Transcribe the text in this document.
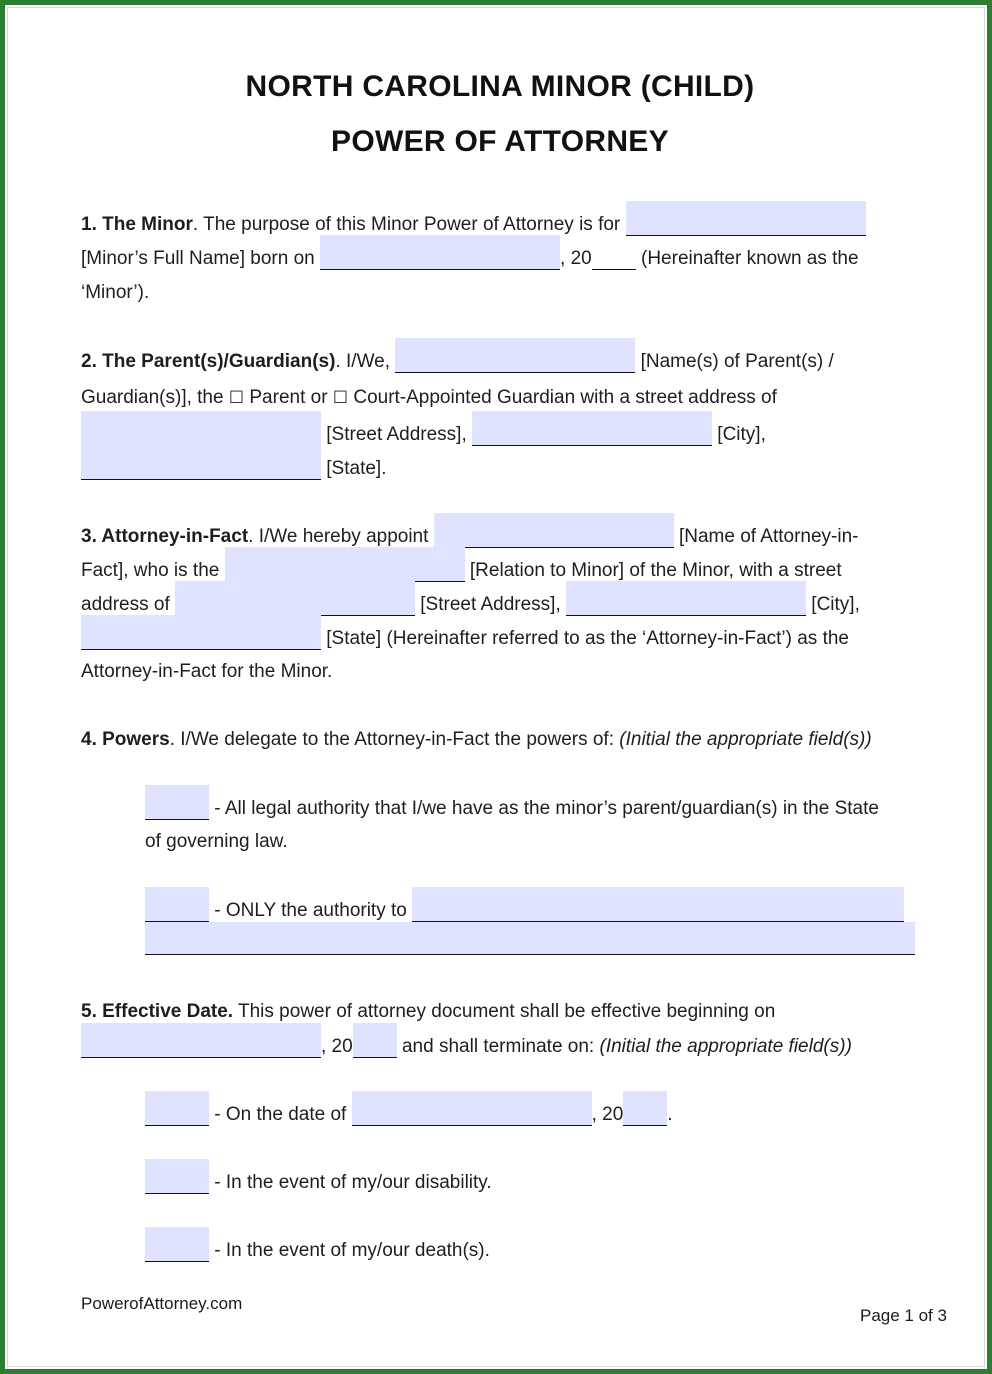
NORTH CAROLINA MINOR (CHILD)
POWER OF ATTORNEY
1. The Minor. The purpose of this Minor Power of Attorney is for
[Minor’s Full Name] born on	, 20 (Hereinafter known as the
‘Minor’).
2. The Parent(s)/Guardian(s). I/We,	[Name(s) of Parent(s) /
Guardian(s)], the ☐ Parent or ☐ Court-Appointed Guardian with a street address of
[Street Address],	[City],
[State].
3. Attorney-in-Fact. I/We hereby appoint	[Name of Attorney-in-
Fact], who is the	[Relation to Minor] of the Minor, with a street
address of	[Street Address],	[City],
[State] (Hereinafter referred to as the ‘Attorney-in-Fact’) as the
Attorney-in-Fact for the Minor.
4. Powers. I/We delegate to the Attorney-in-Fact the powers of: (Initial the appropriate field(s))
- All legal authority that I/we have as the minor’s parent/guardian(s) in the State
of governing law.
- ONLY the authority to
5. Effective Date. This power of attorney document shall be effective beginning on
, 20 and shall terminate on: (Initial the appropriate field(s))
- On the date of	, 20 .
- In the event of my/our disability.
- In the event of my/our death(s).
PowerofAttorney.com
Page 1 of 3
